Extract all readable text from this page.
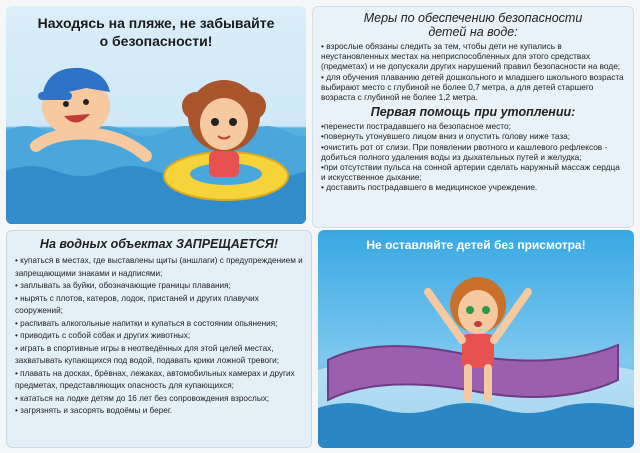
Находясь на пляже, не забывайте
о безопасности!
Меры по обеспечению безопасности
детей на воде:

• взрослые обязаны следить за тем, чтобы дети не купались в неустановленных местах на неприспособленных для этого средствах (предметах) и не допускали других нарушений правил безопасности на воде;

• для обучения плаванию детей дошкольного и младшего школьного возраста выбирают место с глубиной не более 0,7 метра, а для детей старшего возраста с глубиной не более 1,2 метра.

Первая помощь при утоплении:

•перенести пострадавшего на безопасное место;

•повернуть утонувшего лицом вниз и опустить голову ниже таза;

•очистить рот от слизи. При появлении рвотного и кашлевого рефлексов - добиться полного удаления воды из дыхательных путей и желудка;

•при отсутствии пульса на сонной артерии сделать наружный массаж сердца и искусственное дыхание;

• доставить пострадавшего в медицинское учреждение.

На водных объектах ЗАПРЕЩАЕТСЯ!

• купаться в местах, где выставлены щиты (аншлаги) с предупреждением и запрещающими знаками и надписями;

• заплывать за буйки, обозначающие границы плавания;

• нырять с плотов, катеров, лодок, пристаней и других плавучих сооружений;

• распивать алкогольные напитки и купаться в состоянии опьянения;

• приводить с собой собак и других животных;

• играть в спортивные игры в неотведённых для этой целей местах, захватывать купающихся под водой, подавать крики ложной тревоги;

• плавать на досках, брёвнах, лежаках, автомобильных камерах и других предметах, представляющих опасность для купающихся;

• кататься на лодке детям до 16 лет без сопровождения взрослых;

• загрязнять и засорять водоёмы и берег.

Не оставляйте детей без присмотра!
